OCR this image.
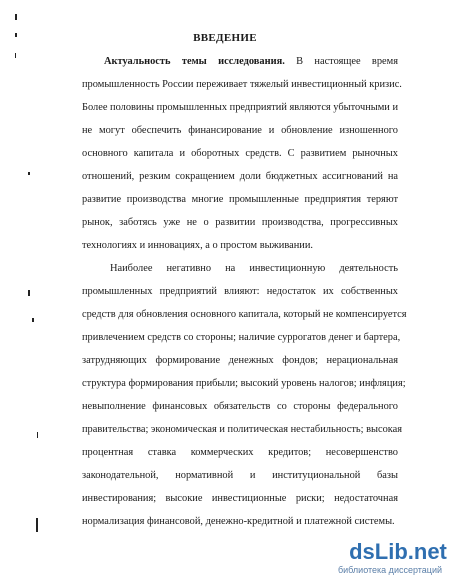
ВВЕДЕНИЕ
Актуальность темы исследования. В настоящее время
промышленность России переживает тяжелый инвестиционный кризис.
Более половины промышленных предприятий являются убыточными и
не могут обеспечить финансирование и обновление изношенного
основного капитала и оборотных средств. С развитием рыночных
отношений, резким сокращением доли бюджетных ассигнований на
развитие производства многие промышленные предприятия теряют
рынок, заботясь уже не о развитии производства, прогрессивных
технологиях и инновациях, а о простом выживании.
Наиболее негативно на инвестиционную деятельность
промышленных предприятий влияют: недостаток их собственных
средств для обновления основного капитала, который не компенсируется
привлечением средств со стороны; наличие суррогатов денег и бартера,
затрудняющих формирование денежных фондов; нерациональная
структура формирования прибыли; высокий уровень налогов; инфляция;
невыполнение финансовых обязательств со стороны федерального
правительства; экономическая и политическая нестабильность; высокая
процентная ставка коммерческих кредитов; несовершенство
законодательной, нормативной и институциональной базы
инвестирования; высокие инвестиционные риски; недостаточная
нормализация финансовой, денежно-кредитной и платежной системы.
dsLib.net
библиотека диссертаций
